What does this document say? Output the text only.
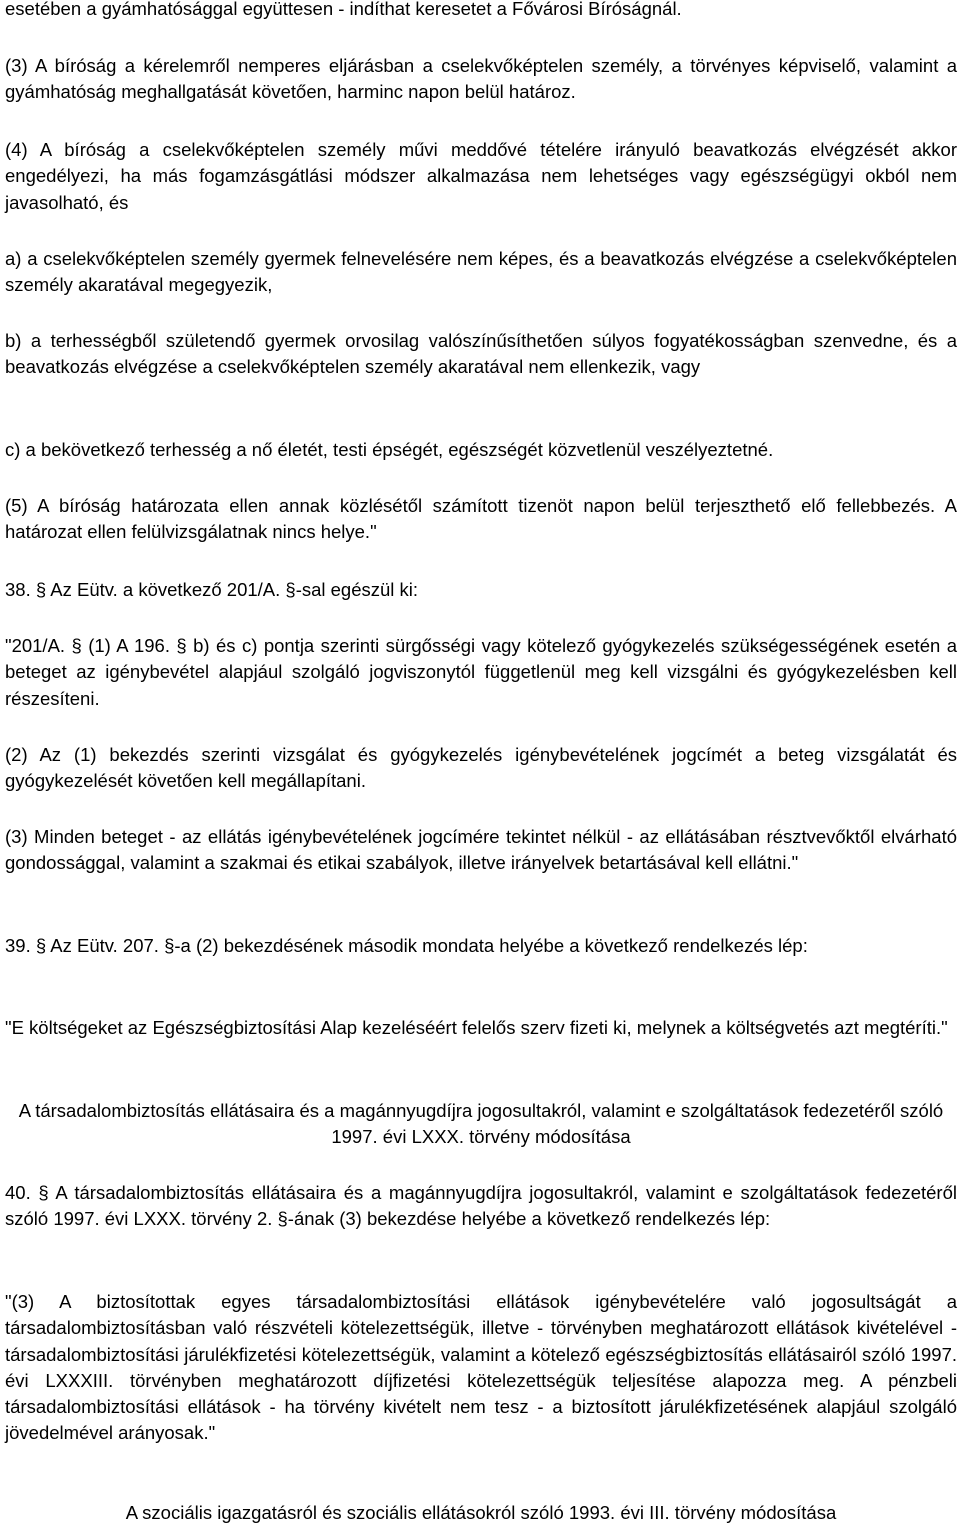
esetében a gyámhatósággal együttesen - indíthat keresetet a Fővárosi Bíróságnál.

(3) A bíróság a kérelemről nemperes eljárásban a cselekvőképtelen személy, a törvényes képviselő, valamint a gyámhatóság meghallgatását követően, harminc napon belül határoz.

(4) A bíróság a cselekvőképtelen személy művi meddővé tételére irányuló beavatkozás elvégzését akkor engedélyezi, ha más fogamzásgátlási módszer alkalmazása nem lehetséges vagy egészségügyi okból nem javasolható, és

a) a cselekvőképtelen személy gyermek felnevelésére nem képes, és a beavatkozás elvégzése a cselekvőképtelen személy akaratával megegyezik,

b) a terhességből születendő gyermek orvosilag valószínűsíthetően súlyos fogyatékosságban szenvedne, és a beavatkozás elvégzése a cselekvőképtelen személy akaratával nem ellenkezik, vagy

c) a bekövetkező terhesség a nő életét, testi épségét, egészségét közvetlenül veszélyeztetné.

(5) A bíróság határozata ellen annak közlésétől számított tizenöt napon belül terjeszthető elő fellebbezés. A határozat ellen felülvizsgálatnak nincs helye."

38. § Az Eütv. a következő 201/A. §-sal egészül ki:

"201/A. § (1) A 196. § b) és c) pontja szerinti sürgősségi vagy kötelező gyógykezelés szükségességének esetén a beteget az igénybevétel alapjául szolgáló jogviszonytól függetlenül meg kell vizsgálni és gyógykezelésben kell részesíteni.

(2) Az (1) bekezdés szerinti vizsgálat és gyógykezelés igénybevételének jogcímét a beteg vizsgálatát és gyógykezelését követően kell megállapítani.

(3) Minden beteget - az ellátás igénybevételének jogcímére tekintet nélkül - az ellátásában résztvevőktől elvárható gondossággal, valamint a szakmai és etikai szabályok, illetve irányelvek betartásával kell ellátni."

39. § Az Eütv. 207. §-a (2) bekezdésének második mondata helyébe a következő rendelkezés lép:

"E költségeket az Egészségbiztosítási Alap kezeléséért felelős szerv fizeti ki, melynek a költségvetés azt megtéríti."

A társadalombiztosítás ellátásaira és a magánnyugdíjra jogosultakról, valamint e szolgáltatások fedezetéről szóló 1997. évi LXXX. törvény módosítása

40. § A társadalombiztosítás ellátásaira és a magánnyugdíjra jogosultakról, valamint e szolgáltatások fedezetéről szóló 1997. évi LXXX. törvény 2. §-ának (3) bekezdése helyébe a következő rendelkezés lép:

"(3) A biztosítottak egyes társadalombiztosítási ellátások igénybevételére való jogosultságát a társadalombiztosításban való részvételi kötelezettségük, illetve - törvényben meghatározott ellátások kivételével - társadalombiztosítási járulékfizetési kötelezettségük, valamint a kötelező egészségbiztosítás ellátásairól szóló 1997. évi LXXXIII. törvényben meghatározott díjfizetési kötelezettségük teljesítése alapozza meg. A pénzbeli társadalombiztosítási ellátások - ha törvény kivételt nem tesz - a biztosított járulékfizetésének alapjául szolgáló jövedelmével arányosak."

A szociális igazgatásról és szociális ellátásokról szóló 1993. évi III. törvény módosítása
